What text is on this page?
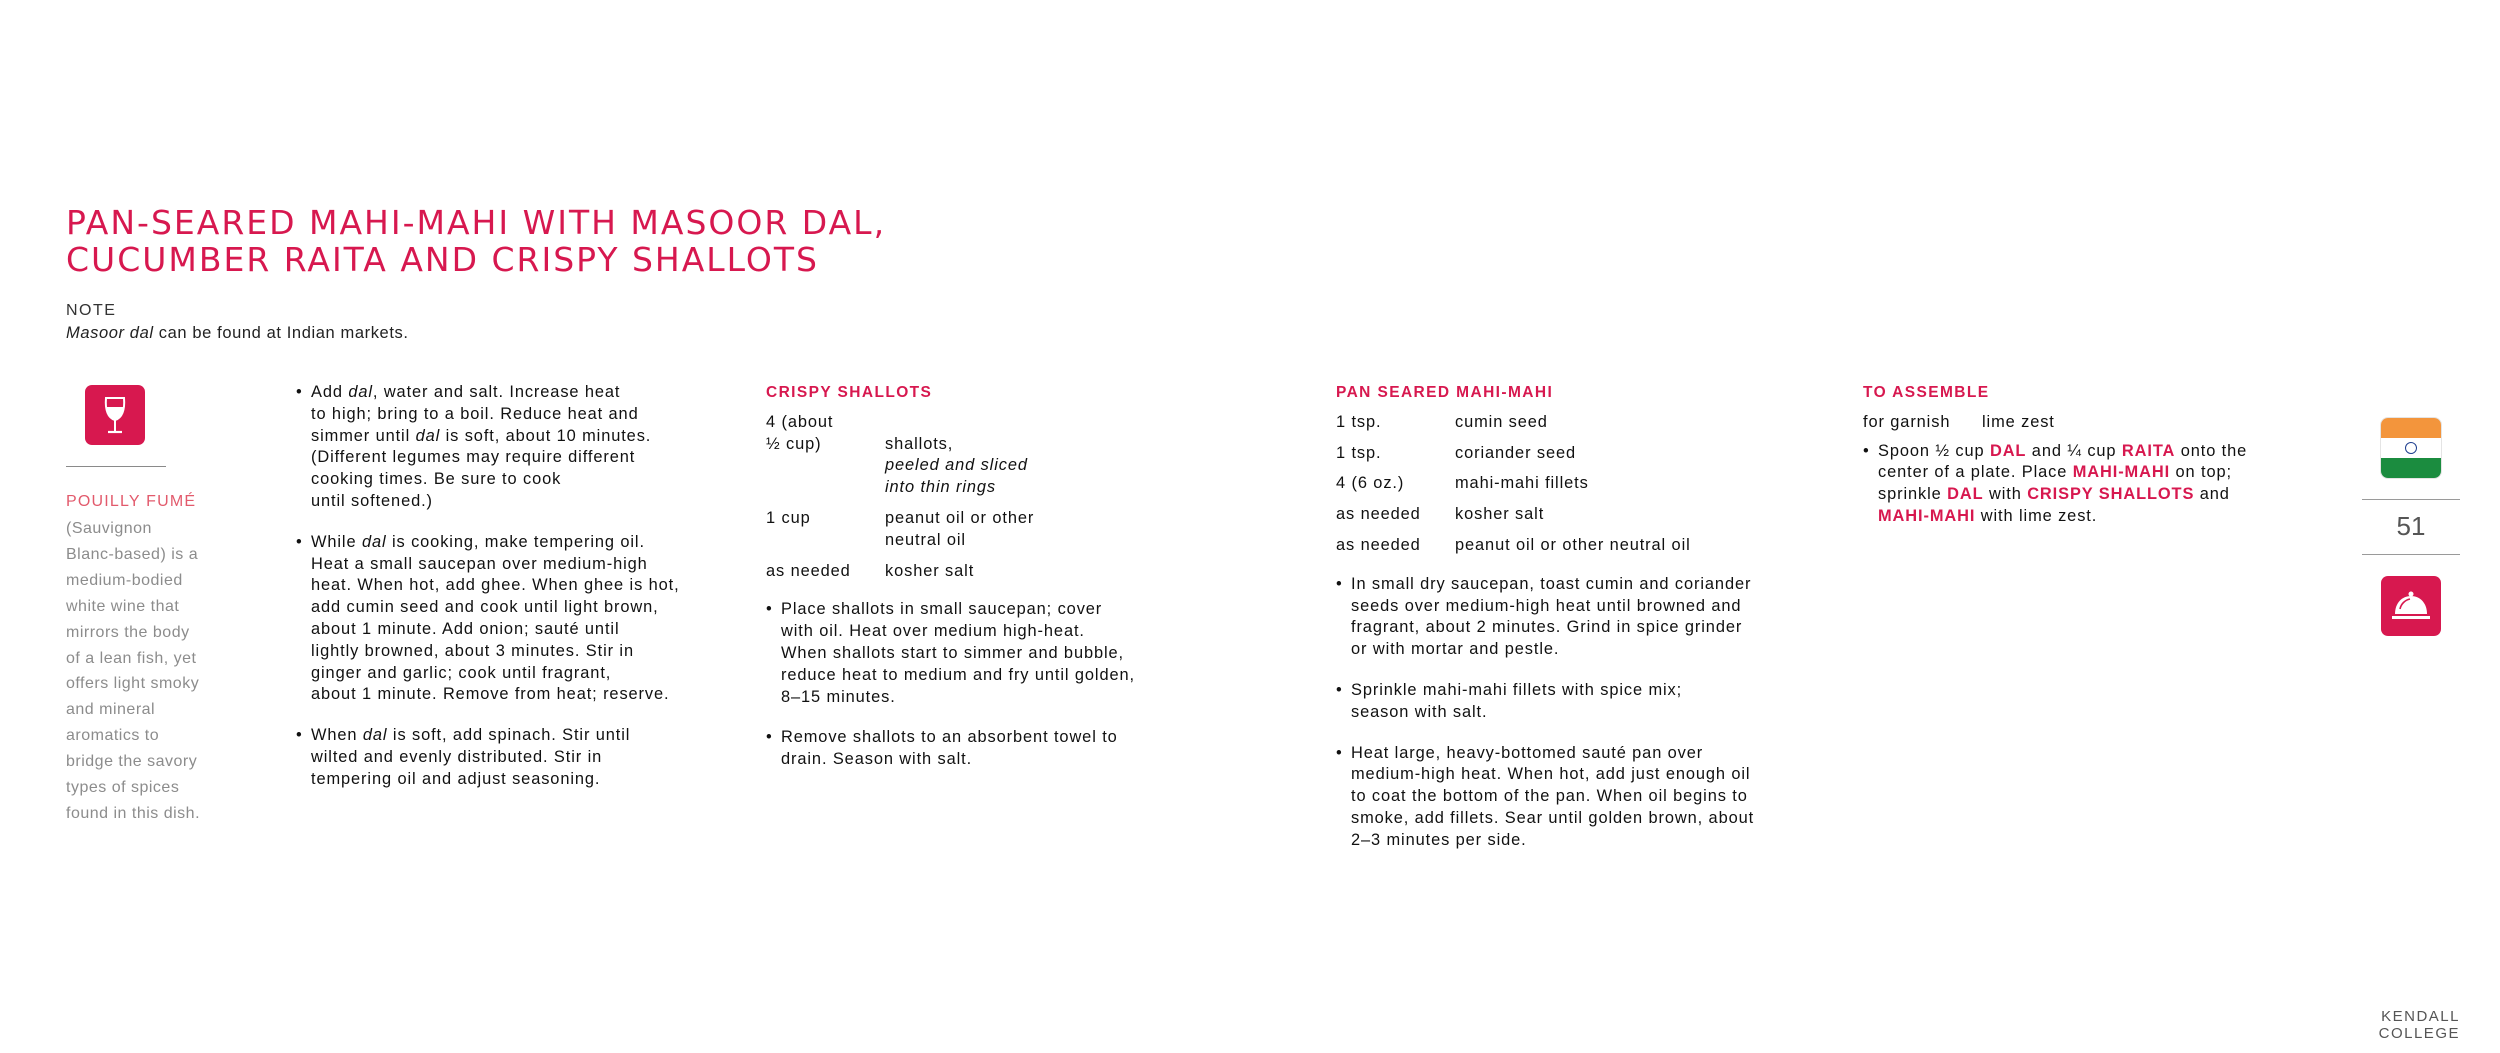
PAN-SEARED MAHI-MAHI WITH MASOOR DAL,
CUCUMBER RAITA AND CRISPY SHALLOTS
NOTE
Masoor dal can be found at Indian markets.
POUILLY FUMÉ
(Sauvignon
Blanc-based) is a
medium-bodied
white wine that
mirrors the body
of a lean fish, yet
offers light smoky
and mineral
aromatics to
bridge the savory
types of spices
found in this dish.
• Add dal, water and salt. Increase heat
to high; bring to a boil. Reduce heat and
simmer until dal is soft, about 10 minutes.
(Different legumes may require different
cooking times. Be sure to cook
until softened.)
• While dal is cooking, make tempering oil.
Heat a small saucepan over medium-high
heat. When hot, add ghee. When ghee is hot,
add cumin seed and cook until light brown,
about 1 minute. Add onion; sauté until
lightly browned, about 3 minutes. Stir in
ginger and garlic; cook until fragrant,
about 1 minute. Remove from heat; reserve.
• When dal is soft, add spinach. Stir until
wilted and evenly distributed. Stir in
tempering oil and adjust seasoning.
CRISPY SHALLOTS
4 (about
½ cup)	shallots,
peeled and sliced
into thin rings
1 cup	peanut oil or other
neutral oil
as needed	kosher salt
• Place shallots in small saucepan; cover
with oil. Heat over medium high-heat.
When shallots start to simmer and bubble,
reduce heat to medium and fry until golden,
8–15 minutes.
• Remove shallots to an absorbent towel to
drain. Season with salt.
PAN SEARED MAHI-MAHI
1 tsp.	cumin seed
1 tsp.	coriander seed
4 (6 oz.)	mahi-mahi fillets
as needed	kosher salt
as needed	peanut oil or other neutral oil
• In small dry saucepan, toast cumin and coriander
seeds over medium-high heat until browned and
fragrant, about 2 minutes. Grind in spice grinder
or with mortar and pestle.
• Sprinkle mahi-mahi fillets with spice mix;
season with salt.
• Heat large, heavy-bottomed sauté pan over
medium-high heat. When hot, add just enough oil
to coat the bottom of the pan. When oil begins to
smoke, add fillets. Sear until golden brown, about
2–3 minutes per side.
TO ASSEMBLE
for garnish	lime zest
• Spoon ½ cup DAL and ¼ cup RAITA onto the
center of a plate. Place MAHI-MAHI on top;
sprinkle DAL with CRISPY SHALLOTS and
MAHI-MAHI with lime zest.	51
KENDALL COLLEGE
